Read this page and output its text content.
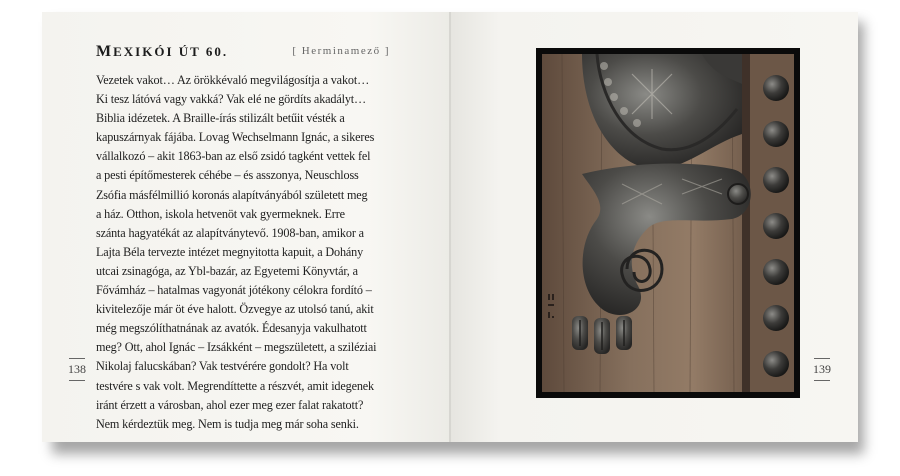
MEXIKÓI ÚT 60.	[ Herminamező ]
Vezetek vakot… Az örökkévaló megvilágosítja a vakot…
Ki tesz látóvá vagy vakká? Vak elé ne gördíts akadályt…
Biblia idézetek. A Braille-írás stilizált betűit vésték a
kapuszárnyak fájába. Lovag Wechselmann Ignác, a sikeres
vállalkozó – akit 1863-ban az első zsidó tagként vettek fel
a pesti építőmesterek céhébe – és asszonya, Neuschloss
Zsófia másfélmillió koronás alapítványából született meg
a ház. Otthon, iskola hetvenöt vak gyermeknek. Erre
szánta hagyatékát az alapítványtevő. 1908-ban, amikor a
Lajta Béla tervezte intézet megnyitotta kapuit, a Dohány
utcai zsinagóga, az Ybl-bazár, az Egyetemi Könyvtár, a
Fővámház – hatalmas vagyonát jótékony célokra fordító –
kivitelezője már öt éve halott. Özvegye az utolsó tanú, akit
még megszólíthatnának az avatók. Édesanyja vakulhatott
meg? Ott, ahol Ignác – Izsákként – megszületett, a sziléziai
Nikolaj falucskában? Vak testvérére gondolt? Ha volt
testvére s vak volt. Megrendíttette a részvét, amit idegenek
iránt érzett a városban, ahol ezer meg ezer falat rakatott?
Nem kérdeztük meg. Nem is tudja meg már soha senki.
138	139
